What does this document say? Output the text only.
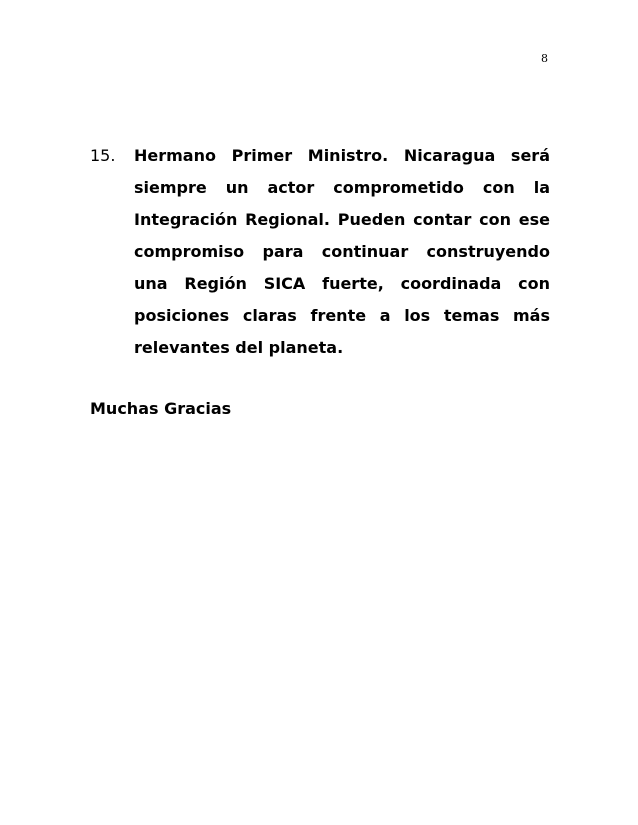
8
15.	Hermano Primer Ministro. Nicaragua será siempre un actor comprometido con la Integración Regional. Pueden contar con ese compromiso para continuar construyendo una Región SICA fuerte, coordinada con posiciones claras frente a los temas más relevantes del planeta.
Muchas Gracias
